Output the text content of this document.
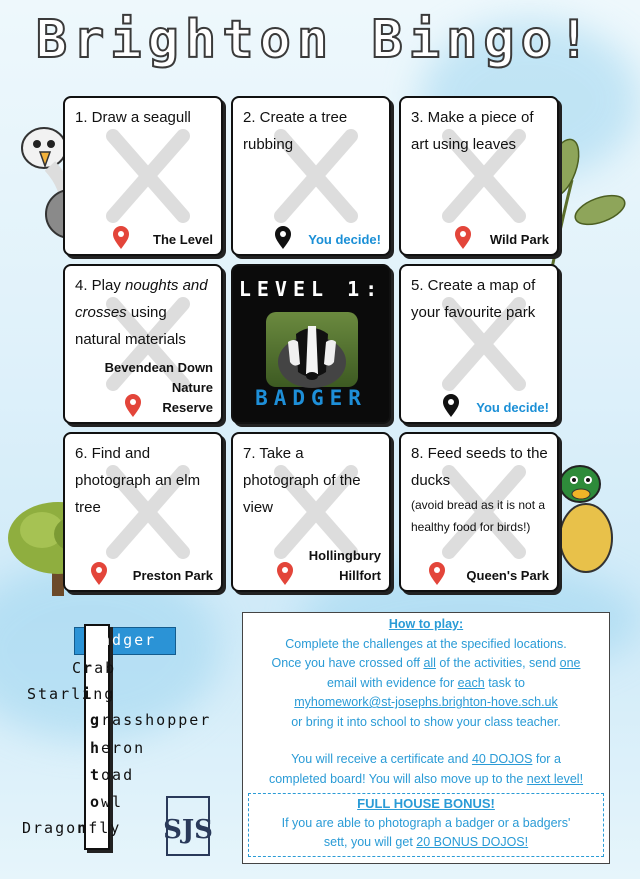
Brighton Bingo!
1. Draw a seagull
The Level
2. Create a tree rubbing
You decide!
3. Make a piece of art using leaves
Wild Park
4. Play noughts and crosses using natural materials
Bevendean Down
Nature
Reserve
LEVEL 1:
BADGER
5. Create a map of your favourite park
You decide!
6. Find and photograph an elm tree
Preston Park
7. Take a photograph of the view
Hollingbury
Hillfort
8. Feed seeds to the ducks
(avoid bread as it is not a healthy food for birds!)
Queen's Park
Badger
Crab
Starling
grasshopper
heron
toad
owl
Dragonfly SJS

How to play:

Complete the challenges at the specified locations.

Once you have crossed off all of the activities, send one

email with evidence for each task to

myhomework@st-josephs.brighton-hove.sch.uk

or bring it into school to show your class teacher.

You will receive a certificate and 40 DOJOS for a

completed board! You will also move up to the next level!

FULL HOUSE BONUS!

If you are able to photograph a badger or a badgers'

sett, you will get 20 BONUS DOJOS!
